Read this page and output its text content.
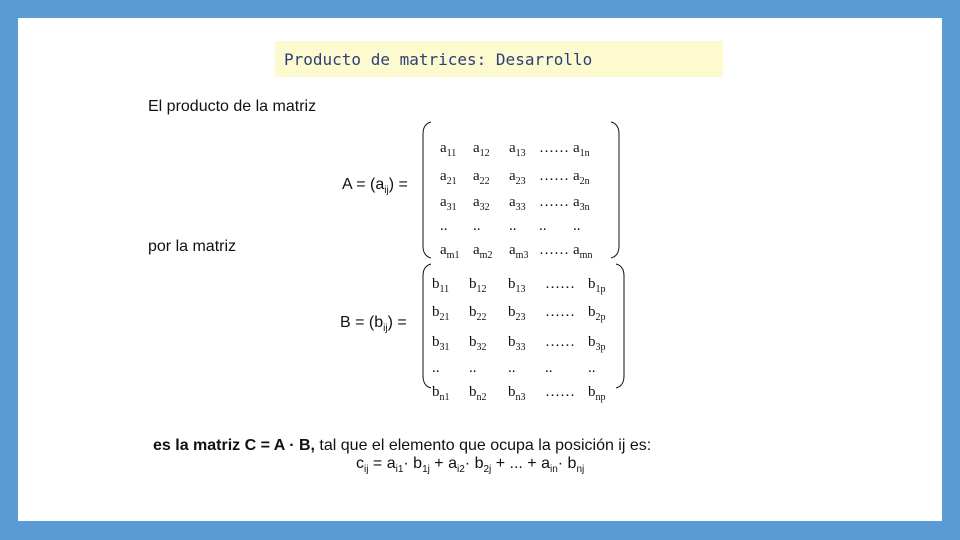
Producto de matrices: Desarrollo
El producto de la matriz
$A = (a_{ij})$ =
$a_{11}$ $a_{12}$ $a_{13}$ …… $a_{1n}$
$a_{21}$ $a_{22}$ $a_{23}$ …… $a_{2n}$
$a_{31}$ $a_{32}$ $a_{33}$ …… $a_{3n}$
.. .. .. .. ..
$a_{m1}$ $a_{m2}$ $a_{m3}$ …… $a_{mn}$
por la matriz
$B = (b_{ij})$ =
$b_{11}$ $b_{12}$ $b_{13}$ …… $b_{1p}$
$b_{21}$ $b_{22}$ $b_{23}$ …… $b_{2p}$
$b_{31}$ $b_{32}$ $b_{33}$ …… $b_{3p}$
.. .. .. .. ..
$b_{n1}$ $b_{n2}$ $b_{n3}$ …… $b_{np}$
es la matriz C = A · B, tal que el elemento que ocupa la posición ij es:
$c_{ij} = a_{i1}\cdot b_{1j} + a_{i2}\cdot b_{2j}$ + ... + $a_{in}\cdot b_{nj}$
